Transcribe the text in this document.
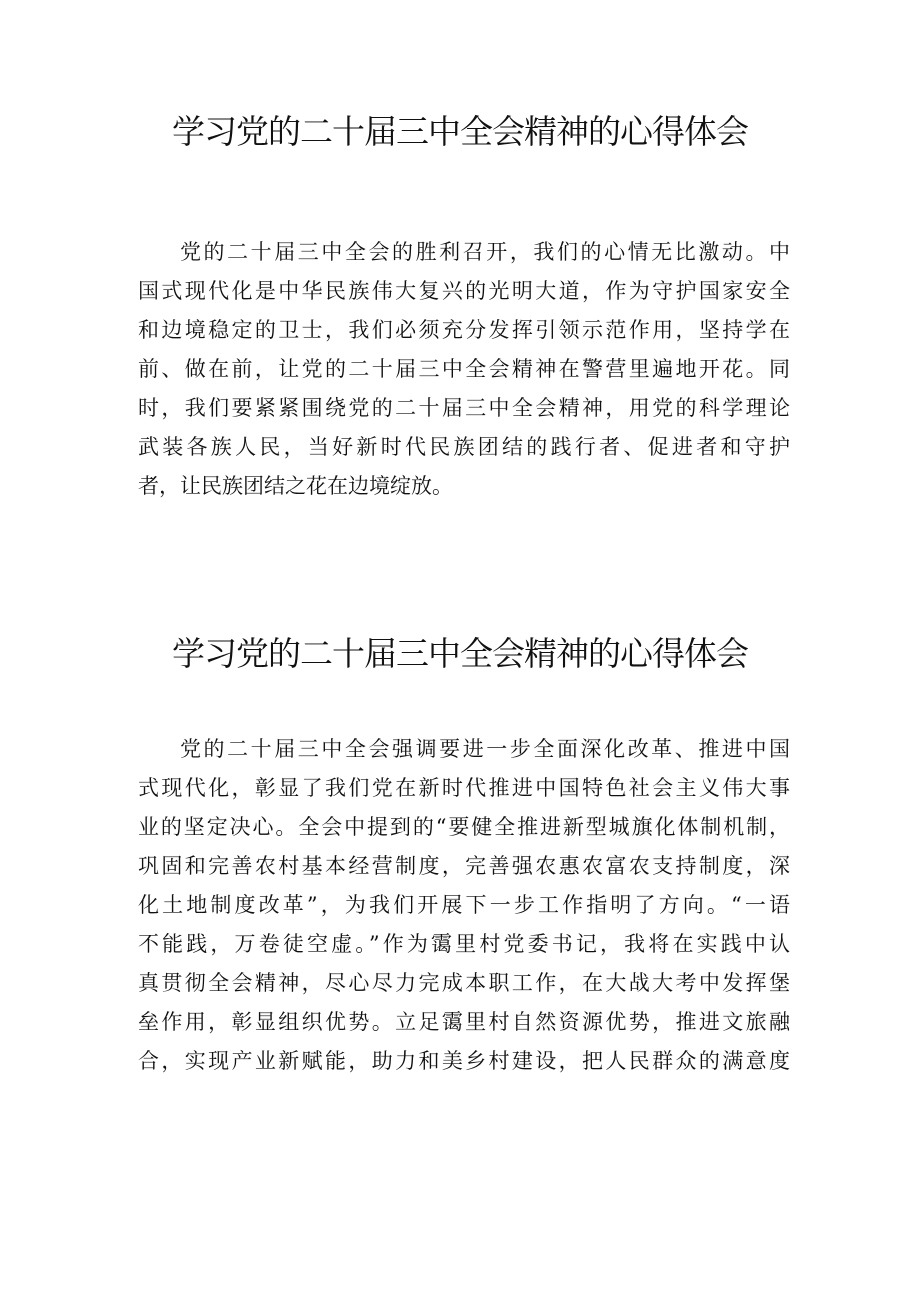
学习党的二十届三中全会精神的心得体会
党的二十届三中全会的胜利召开，我们的心情无比激动。中
国式现代化是中华民族伟大复兴的光明大道，作为守护国家安全
和边境稳定的卫士，我们必须充分发挥引领示范作用，坚持学在
前、做在前，让党的二十届三中全会精神在警营里遍地开花。同
时，我们要紧紧围绕党的二十届三中全会精神，用党的科学理论
武装各族人民，当好新时代民族团结的践行者、促进者和守护
者，让民族团结之花在边境绽放。
学习党的二十届三中全会精神的心得体会
党的二十届三中全会强调要进一步全面深化改革、推进中国
式现代化，彰显了我们党在新时代推进中国特色社会主义伟大事
业的坚定决心。全会中提到的“要健全推进新型城旗化体制机制，
巩固和完善农村基本经营制度，完善强农惠农富农支持制度，深
化土地制度改革”，为我们开展下一步工作指明了方向。“一语
不能践，万卷徒空虚。”作为霭里村党委书记，我将在实践中认
真贯彻全会精神，尽心尽力完成本职工作，在大战大考中发挥堡
垒作用，彰显组织优势。立足霭里村自然资源优势，推进文旅融
合，实现产业新赋能，助力和美乡村建设，把人民群众的满意度
